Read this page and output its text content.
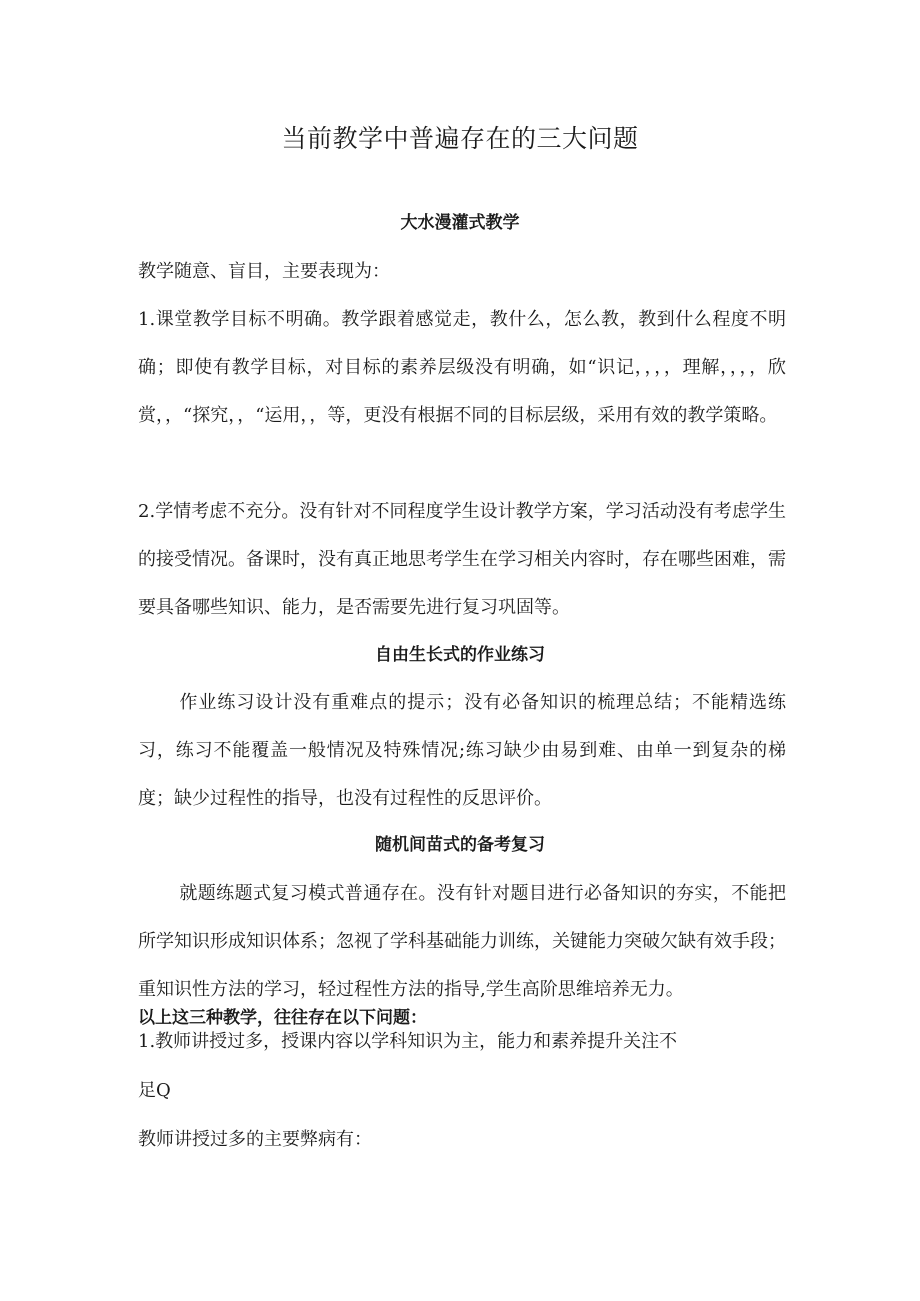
当前教学中普遍存在的三大问题
大水漫灌式教学
教学随意、盲目，主要表现为：
1.课堂教学目标不明确。教学跟着感觉走，教什么，怎么教，教到什么程度不明确；即使有教学目标，对目标的素养层级没有明确，如“识记，，，，理解，，，，欣赏，，“探究，，“运用，，等，更没有根据不同的目标层级，采用有效的教学策略。
2.学情考虑不充分。没有针对不同程度学生设计教学方案，学习活动没有考虑学生的接受情况。备课时，没有真正地思考学生在学习相关内容时，存在哪些困难，需要具备哪些知识、能力，是否需要先进行复习巩固等。
自由生长式的作业练习
作业练习设计没有重难点的提示；没有必备知识的梳理总结；不能精选练习，练习不能覆盖一般情况及特殊情况;练习缺少由易到难、由单一到复杂的梯度；缺少过程性的指导，也没有过程性的反思评价。
随机间苗式的备考复习
就题练题式复习模式普通存在。没有针对题目进行必备知识的夯实，不能把所学知识形成知识体系；忽视了学科基础能力训练，关键能力突破欠缺有效手段；重知识性方法的学习，轻过程性方法的指导,学生高阶思维培养无力。
以上这三种教学，往往存在以下问题：
1.教师讲授过多，授课内容以学科知识为主，能力和素养提升关注不
足Q
教师讲授过多的主要弊病有：
